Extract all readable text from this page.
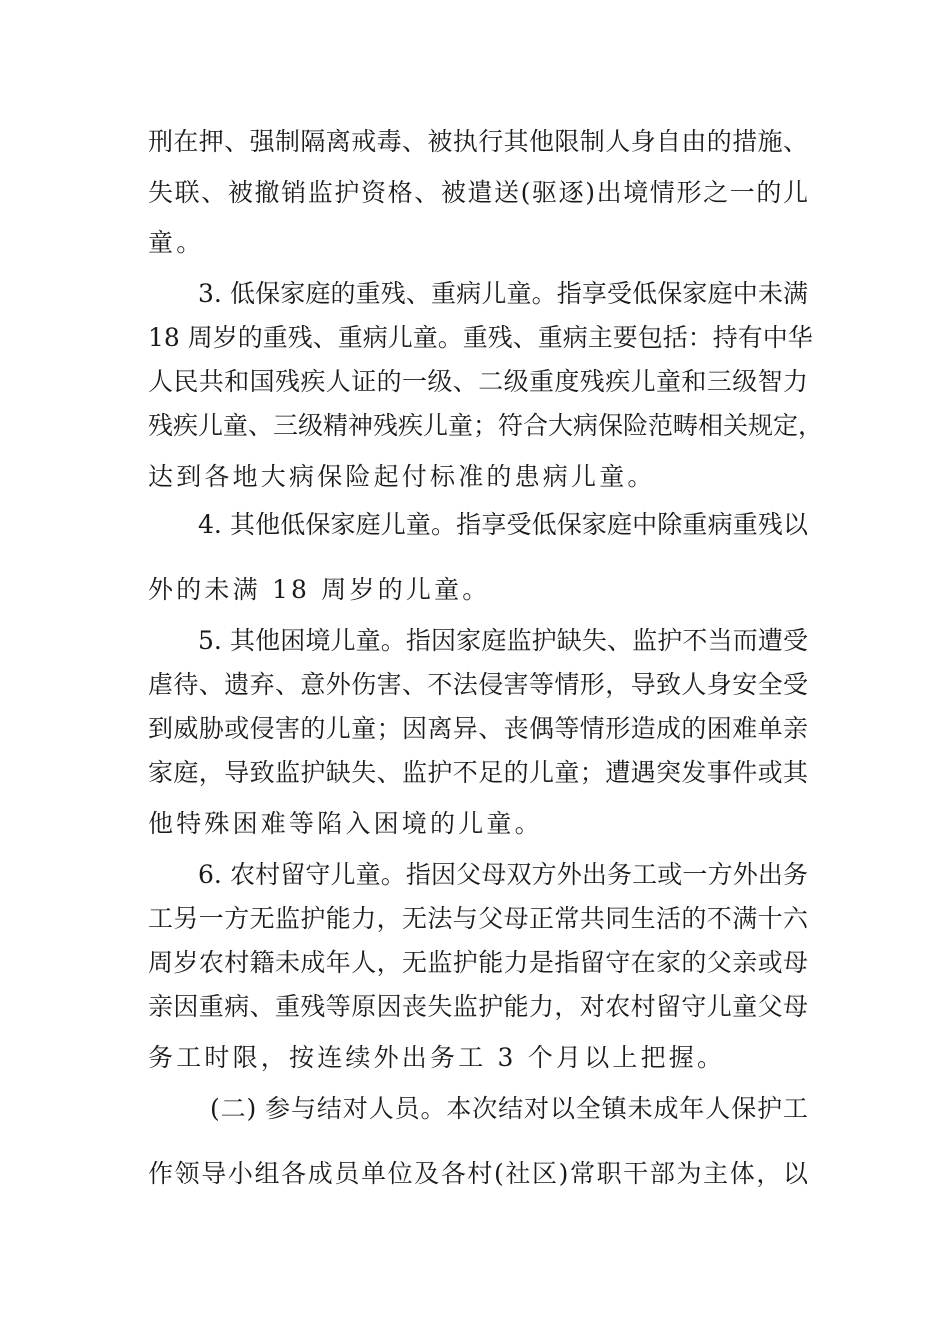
刑在押、强制隔离戒毒、被执行其他限制人身自由的措施、
失联、被撤销监护资格、被遣送(驱逐)出境情形之一的儿
童。
3. 低保家庭的重残、重病儿童。指享受低保家庭中未满
18 周岁的重残、重病儿童。重残、重病主要包括：持有中华
人民共和国残疾人证的一级、二级重度残疾儿童和三级智力
残疾儿童、三级精神残疾儿童；符合大病保险范畴相关规定，
达到各地大病保险起付标准的患病儿童。
4. 其他低保家庭儿童。指享受低保家庭中除重病重残以
外的未满 18 周岁的儿童。
5. 其他困境儿童。指因家庭监护缺失、监护不当而遭受
虐待、遗弃、意外伤害、不法侵害等情形，导致人身安全受
到威胁或侵害的儿童；因离异、丧偶等情形造成的困难单亲
家庭，导致监护缺失、监护不足的儿童；遭遇突发事件或其
他特殊困难等陷入困境的儿童。
6. 农村留守儿童。指因父母双方外出务工或一方外出务
工另一方无监护能力，无法与父母正常共同生活的不满十六
周岁农村籍未成年人，无监护能力是指留守在家的父亲或母
亲因重病、重残等原因丧失监护能力，对农村留守儿童父母
务工时限，按连续外出务工 3 个月以上把握。
(二) 参与结对人员。本次结对以全镇未成年人保护工
作领导小组各成员单位及各村(社区)常职干部为主体，以
